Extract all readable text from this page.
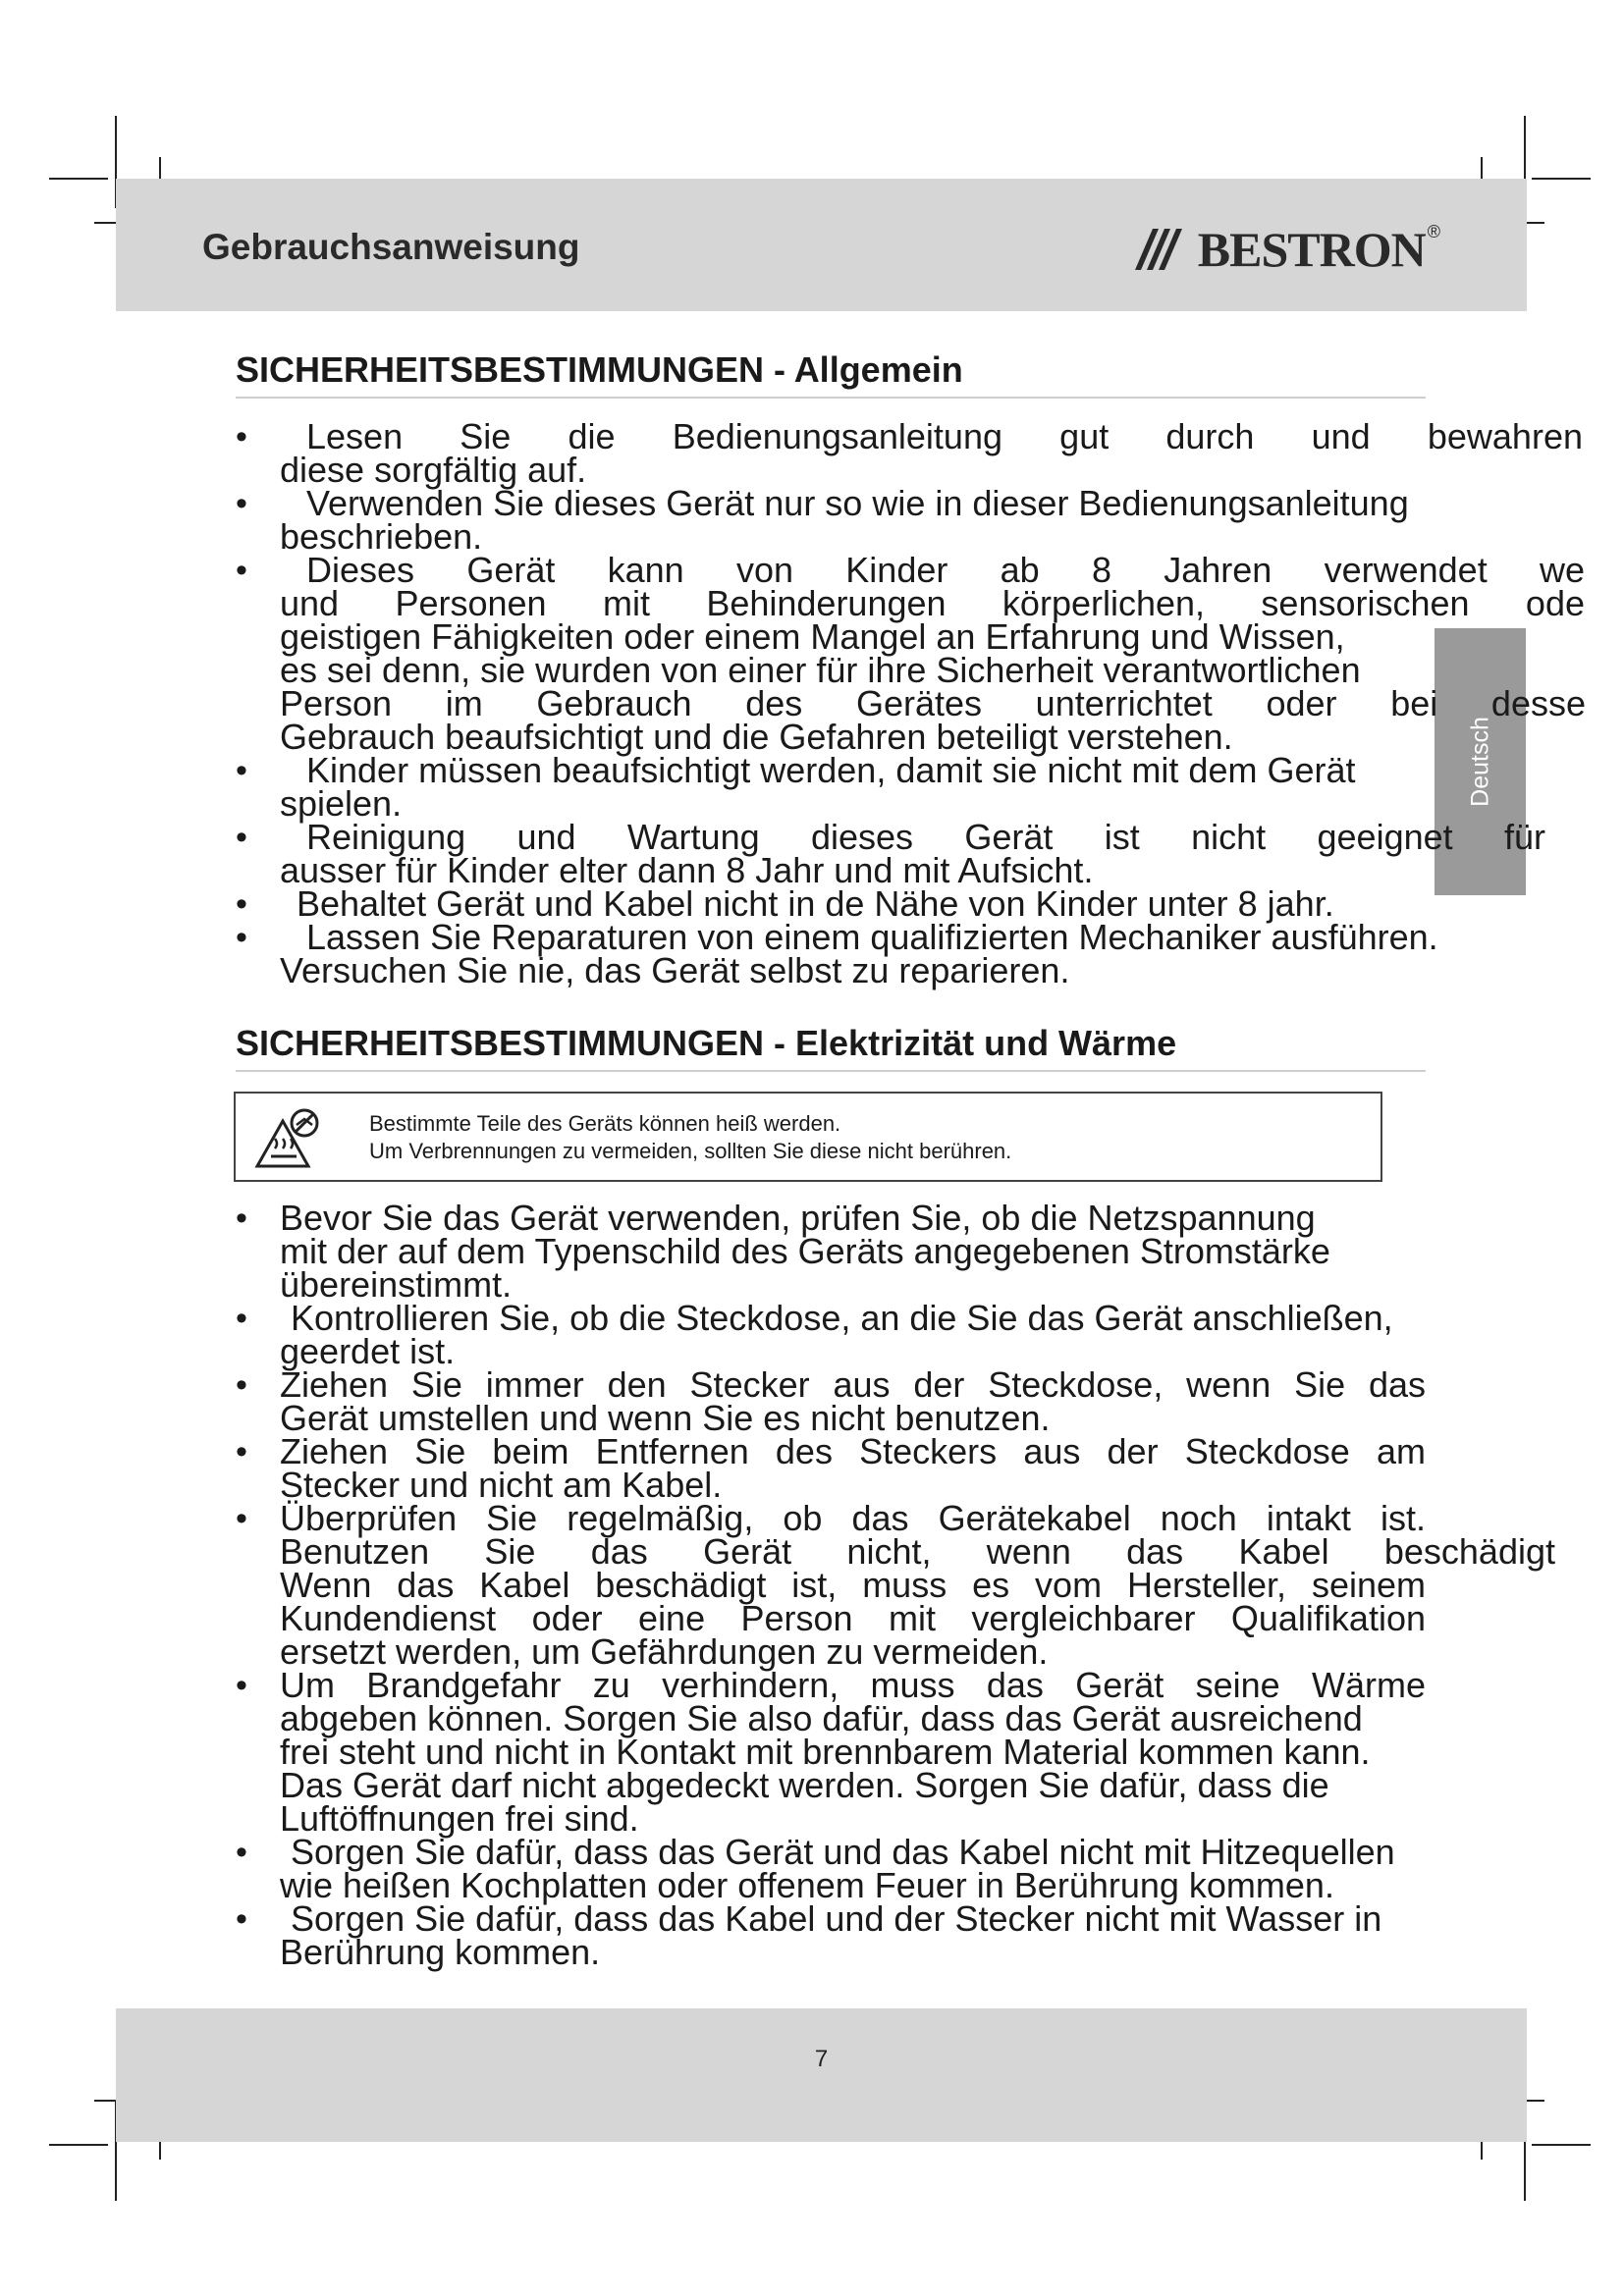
Gebrauchsanweisung	BESTRON ®
Deutsch
SICHERHEITSBESTIMMUNGEN - Allgemein
• Lesen Sie die Bedienungsanleitung gut durch und bewahren
diese sorgfältig auf.
• Verwenden Sie dieses Gerät nur so wie in dieser Bedienungsanleitung
beschrieben.
• Dieses Gerät kann von Kinder ab 8 Jahren verwendet we
und Personen mit Behinderungen körperlichen, sensorischen ode
geistigen Fähigkeiten oder einem Mangel an Erfahrung und Wissen,
es sei denn, sie wurden von einer für ihre Sicherheit verantwortlichen
Person im Gebrauch des Gerätes unterrichtet oder bei desse
Gebrauch beaufsichtigt und die Gefahren beteiligt verstehen.
• Kinder müssen beaufsichtigt werden, damit sie nicht mit dem Gerät
spielen.
• Reinigung und Wartung dieses Gerät ist nicht geeignet für
ausser für Kinder elter dann 8 Jahr und mit Aufsicht.
• Behaltet Gerät und Kabel nicht in de Nähe von Kinder unter 8 jahr.
• Lassen Sie Reparaturen von einem qualifizierten Mechaniker ausführen.
Versuchen Sie nie, das Gerät selbst zu reparieren.
SICHERHEITSBESTIMMUNGEN - Elektrizität und Wärme
Bestimmte Teile des Geräts können heiß werden.
Um Verbrennungen zu vermeiden, sollten Sie diese nicht berühren.
• Bevor Sie das Gerät verwenden, prüfen Sie, ob die Netzspannung
mit der auf dem Typenschild des Geräts angegebenen Stromstärke
übereinstimmt.
• Kontrollieren Sie, ob die Steckdose, an die Sie das Gerät anschließen,
geerdet ist.
• Ziehen Sie immer den Stecker aus der Steckdose, wenn Sie das
Gerät umstellen und wenn Sie es nicht benutzen.
• Ziehen Sie beim Entfernen des Steckers aus der Steckdose am
Stecker und nicht am Kabel.
• Überprüfen Sie regelmäßig, ob das Gerätekabel noch intakt ist.
Benutzen Sie das Gerät nicht, wenn das Kabel beschädigt
Wenn das Kabel beschädigt ist, muss es vom Hersteller, seinem
Kundendienst oder eine Person mit vergleichbarer Qualifikation
ersetzt werden, um Gefährdungen zu vermeiden.
• Um Brandgefahr zu verhindern, muss das Gerät seine Wärme
abgeben können. Sorgen Sie also dafür, dass das Gerät ausreichend
frei steht und nicht in Kontakt mit brennbarem Material kommen kann.
Das Gerät darf nicht abgedeckt werden. Sorgen Sie dafür, dass die
Luftöffnungen frei sind.
• Sorgen Sie dafür, dass das Gerät und das Kabel nicht mit Hitzequellen
wie heißen Kochplatten oder offenem Feuer in Berührung kommen.
• Sorgen Sie dafür, dass das Kabel und der Stecker nicht mit Wasser in
Berührung kommen.
7
